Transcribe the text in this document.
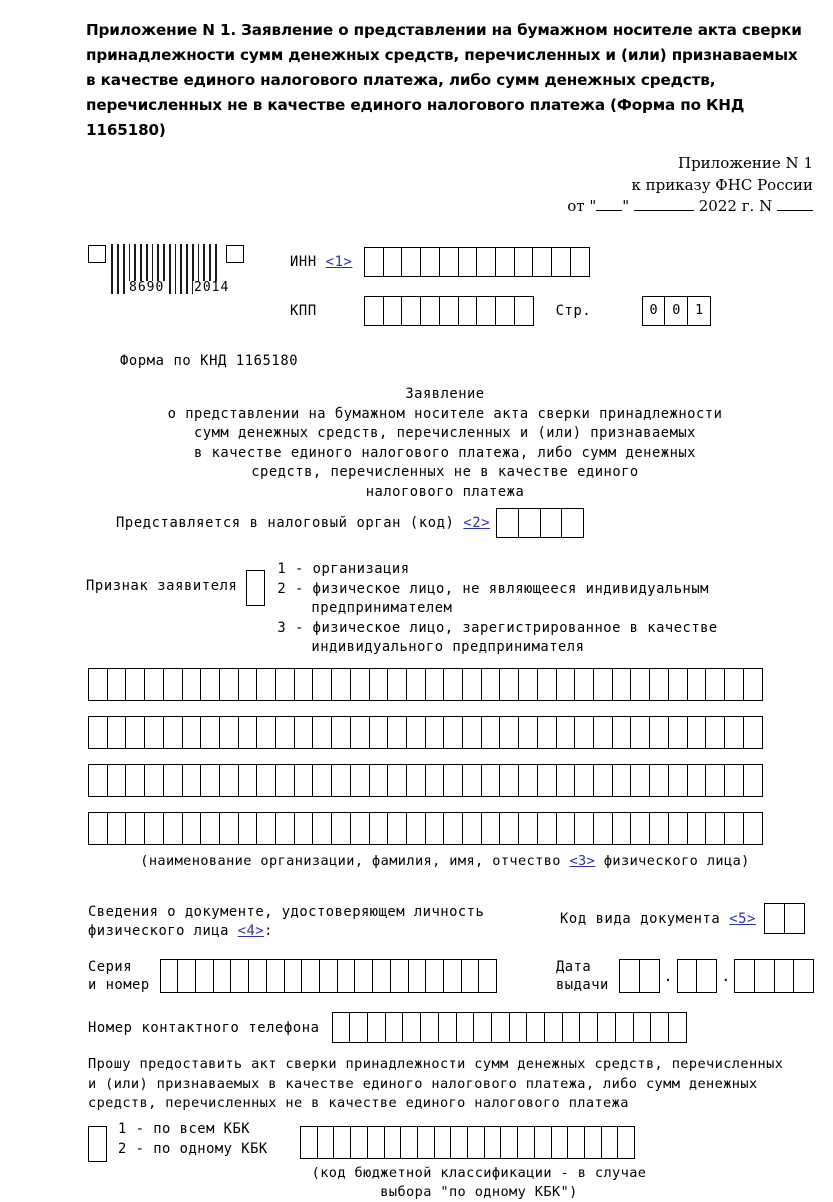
Приложение N 1. Заявление о представлении на бумажном носителе акта сверки принадлежности сумм денежных средств, перечисленных и (или) признаваемых в качестве единого налогового платежа, либо сумм денежных средств, перечисленных не в качестве единого налогового платежа (Форма по КНД 1165180)
Приложение N 1
к приказу ФНС России
от " "	2022 г. N
8690 2014
ИНН <1>
КПП	Стр.	0	0	1
Форма по КНД 1165180
Заявление
о представлении на бумажном носителе акта сверки принадлежности
сумм денежных средств, перечисленных и (или) признаваемых
в качестве единого налогового платежа, либо сумм денежных
средств, перечисленных не в качестве единого
налогового платежа
Представляется в налоговый орган (код) <2>
Признак заявителя
1 - организация
2 - физическое лицо, не являющееся индивидуальным
предпринимателем
3 - физическое лицо, зарегистрированное в качестве
индивидуального предпринимателя
(наименование организации, фамилия, имя, отчество <3> физического лица)
Сведения о документе, удостоверяющем личность
физического лица <4>:
Код вида документа <5>
Серия
и номер
Дата
выдачи	.	.
Номер контактного телефона
Прошу предоставить акт сверки принадлежности сумм денежных средств, перечисленных
и (или) признаваемых в качестве единого налогового платежа, либо сумм денежных
средств, перечисленных не в качестве единого налогового платежа
1 - по всем КБК
2 - по одному КБК
(код бюджетной классификации - в случае
выбора "по одному КБК")
